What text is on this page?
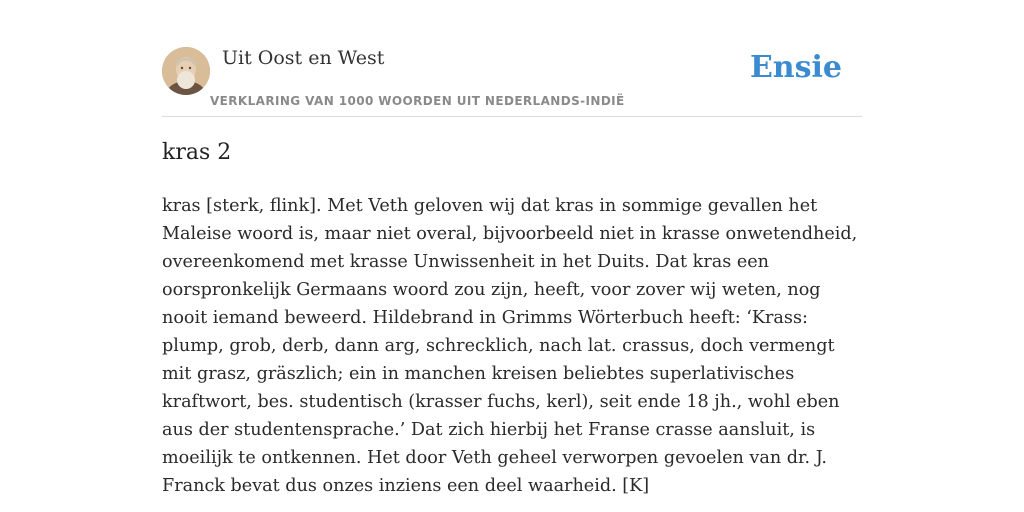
Uit Oost en West
VERKLARING VAN 1000 WOORDEN UIT NEDERLANDS-INDIË
Ensie
kras 2

kras [sterk, flink]. Met Veth geloven wij dat kras in sommige gevallen het Maleise woord is, maar niet overal, bijvoorbeeld niet in krasse onwetendheid, overeenkomend met krasse Unwissenheit in het Duits. Dat kras een oorspronkelijk Germaans woord zou zijn, heeft, voor zover wij weten, nog nooit iemand beweerd. Hildebrand in Grimms Wörterbuch heeft: ‘Krass: plump, grob, derb, dann arg, schrecklich, nach lat. crassus, doch vermengt mit grasz, gräszlich; ein in manchen kreisen beliebtes superlativisches kraftwort, bes. studentisch (krasser fuchs, kerl), seit ende 18 jh., wohl eben aus der studentensprache.’ Dat zich hierbij het Franse crasse aansluit, is moeilijk te ontkennen. Het door Veth geheel verworpen gevoelen van dr. J. Franck bevat dus onzes inziens een deel waarheid. [K]
